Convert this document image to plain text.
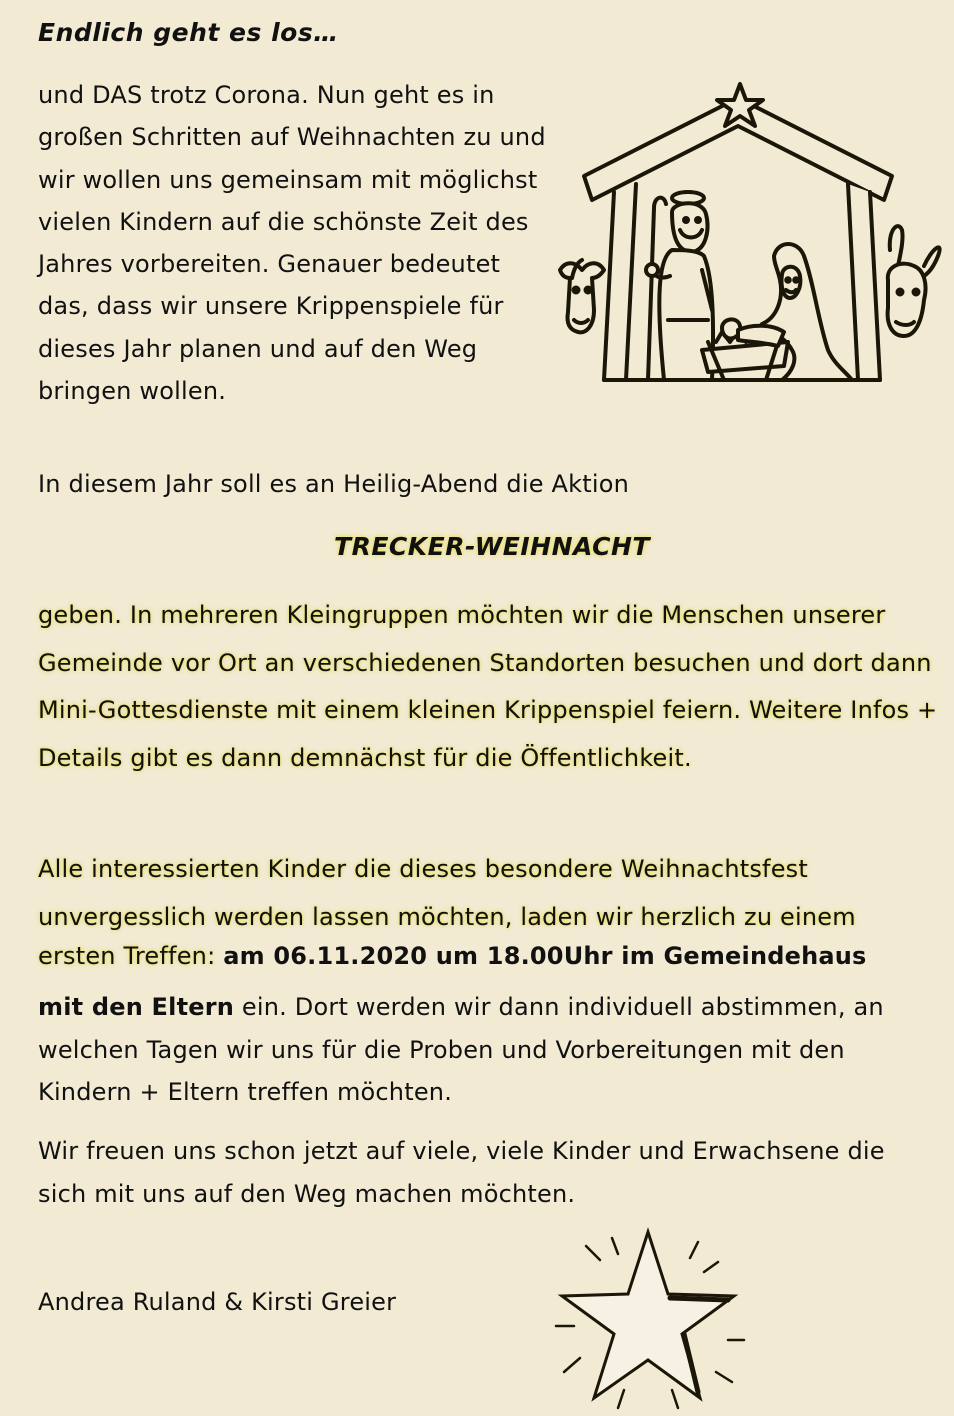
Endlich geht es los…
und DAS trotz Corona. Nun geht es in großen Schritten auf Weihnachten zu und wir wollen uns gemeinsam mit möglichst vielen Kindern auf die schönste Zeit des Jahres vorbereiten. Genauer bedeutet das, dass wir unsere Krippenspiele für dieses Jahr planen und auf den Weg bringen wollen.
In diesem Jahr soll es an Heilig-Abend die Aktion
TRECKER-WEIHNACHT
geben. In mehreren Kleingruppen möchten wir die Menschen unserer Gemeinde vor Ort an verschiedenen Standorten besuchen und dort dann Mini-Gottesdienste mit einem kleinen Krippenspiel feiern. Weitere Infos + Details gibt es dann demnächst für die Öffentlichkeit.
Alle interessierten Kinder die dieses besondere Weihnachtsfest unvergesslich werden lassen möchten, laden wir herzlich zu einem
ersten Treffen: am 06.11.2020 um 18.00Uhr im Gemeindehaus
mit den Eltern ein. Dort werden wir dann individuell abstimmen, an welchen Tagen wir uns für die Proben und Vorbereitungen mit den Kindern + Eltern treffen möchten.
Wir freuen uns schon jetzt auf viele, viele Kinder und Erwachsene die sich mit uns auf den Weg machen möchten.
Andrea Ruland & Kirsti Greier
